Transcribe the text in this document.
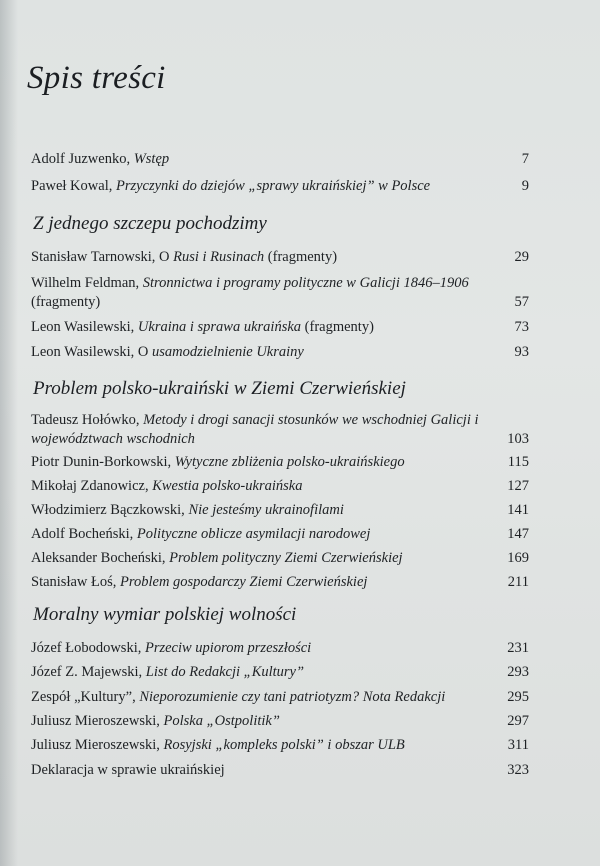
Spis treści
Adolf Juzwenko, Wstęp	7
Paweł Kowal, Przyczynki do dziejów „sprawy ukraińskiej” w Polsce	9
Z jednego szczepu pochodzimy
Stanisław Tarnowski, O Rusi i Rusinach (fragmenty)	29
Wilhelm Feldman, Stronnictwa i programy polityczne w Galicji 1846–1906
(fragmenty)	57
Leon Wasilewski, Ukraina i sprawa ukraińska (fragmenty)	73
Leon Wasilewski, O usamodzielnienie Ukrainy	93
Problem polsko-ukraiński w Ziemi Czerwieńskiej
Tadeusz Hołówko, Metody i drogi sanacji stosunków we wschodniej Galicji i województwach wschodnich	103
Piotr Dunin-Borkowski, Wytyczne zbliżenia polsko-ukraińskiego	115
Mikołaj Zdanowicz, Kwestia polsko-ukraińska	127
Włodzimierz Bączkowski, Nie jesteśmy ukrainofilami	141
Adolf Bocheński, Polityczne oblicze asymilacji narodowej	147
Aleksander Bocheński, Problem polityczny Ziemi Czerwieńskiej	169
Stanisław Łoś, Problem gospodarczy Ziemi Czerwieńskiej	211
Moralny wymiar polskiej wolności
Józef Łobodowski, Przeciw upiorom przeszłości	231
Józef Z. Majewski, List do Redakcji „Kultury”	293
Zespół „Kultury”, Nieporozumienie czy tani patriotyzm? Nota Redakcji	295
Juliusz Mieroszewski, Polska „Ostpolitik”	297
Juliusz Mieroszewski, Rosyjski „kompleks polski” i obszar ULB	311
Deklaracja w sprawie ukraińskiej	323
